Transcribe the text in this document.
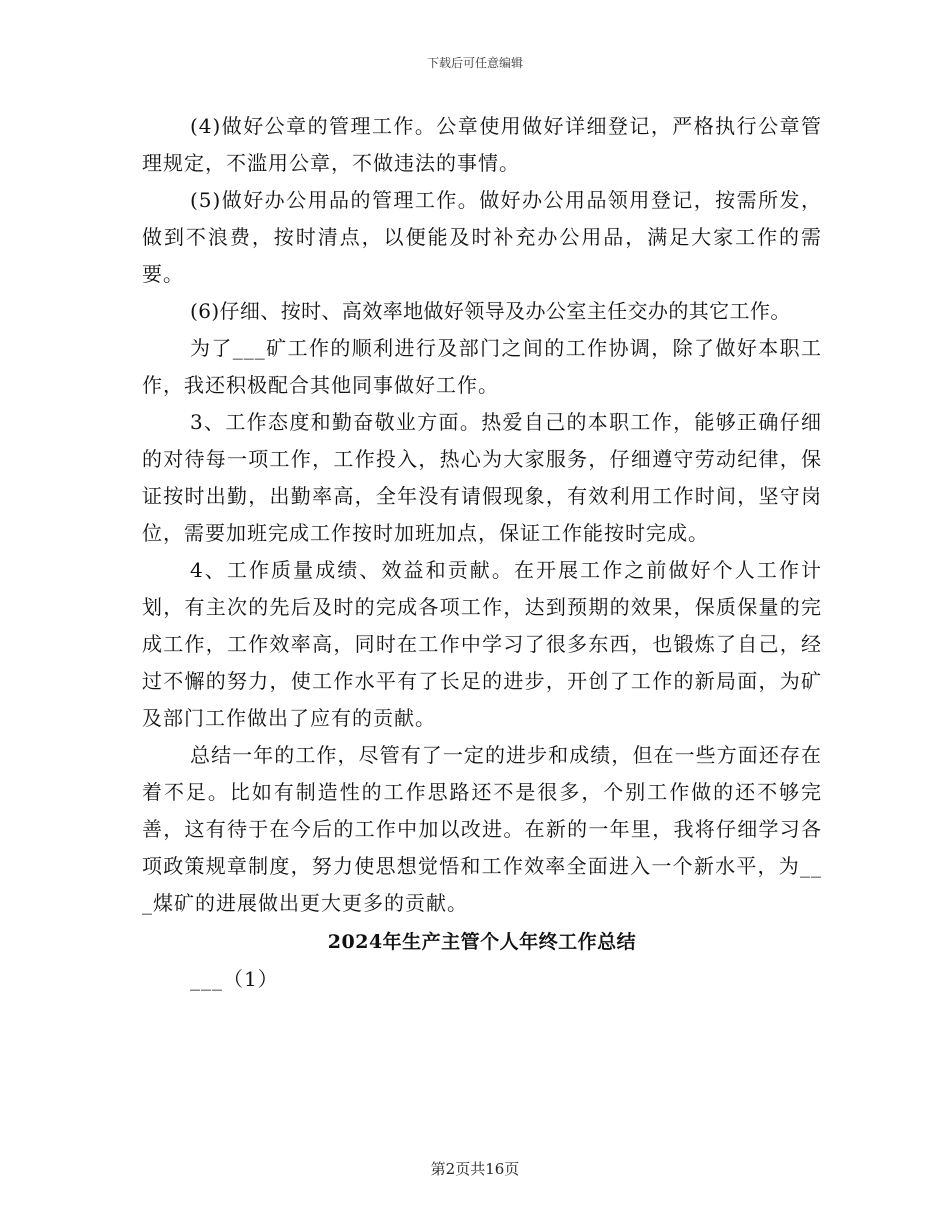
下载后可任意编辑

(4)做好公章的管理工作。公章使用做好详细登记，严格执行公章管理规定，不滥用公章，不做违法的事情。

(5)做好办公用品的管理工作。做好办公用品领用登记，按需所发，做到不浪费，按时清点，以便能及时补充办公用品，满足大家工作的需要。

(6)仔细、按时、高效率地做好领导及办公室主任交办的其它工作。

为了___矿工作的顺利进行及部门之间的工作协调，除了做好本职工作，我还积极配合其他同事做好工作。

3、工作态度和勤奋敬业方面。热爱自己的本职工作，能够正确仔细的对待每一项工作，工作投入，热心为大家服务，仔细遵守劳动纪律，保证按时出勤，出勤率高，全年没有请假现象，有效利用工作时间，坚守岗位，需要加班完成工作按时加班加点，保证工作能按时完成。

4、工作质量成绩、效益和贡献。在开展工作之前做好个人工作计划，有主次的先后及时的完成各项工作，达到预期的效果，保质保量的完成工作，工作效率高，同时在工作中学习了很多东西，也锻炼了自己，经过不懈的努力，使工作水平有了长足的进步，开创了工作的新局面，为矿及部门工作做出了应有的贡献。

总结一年的工作，尽管有了一定的进步和成绩，但在一些方面还存在着不足。比如有制造性的工作思路还不是很多，个别工作做的还不够完善，这有待于在今后的工作中加以改进。在新的一年里，我将仔细学习各项政策规章制度，努力使思想觉悟和工作效率全面进入一个新水平，为___煤矿的进展做出更大更多的贡献。

2024年生产主管个人年终工作总结

___（1）

第2页共16页
